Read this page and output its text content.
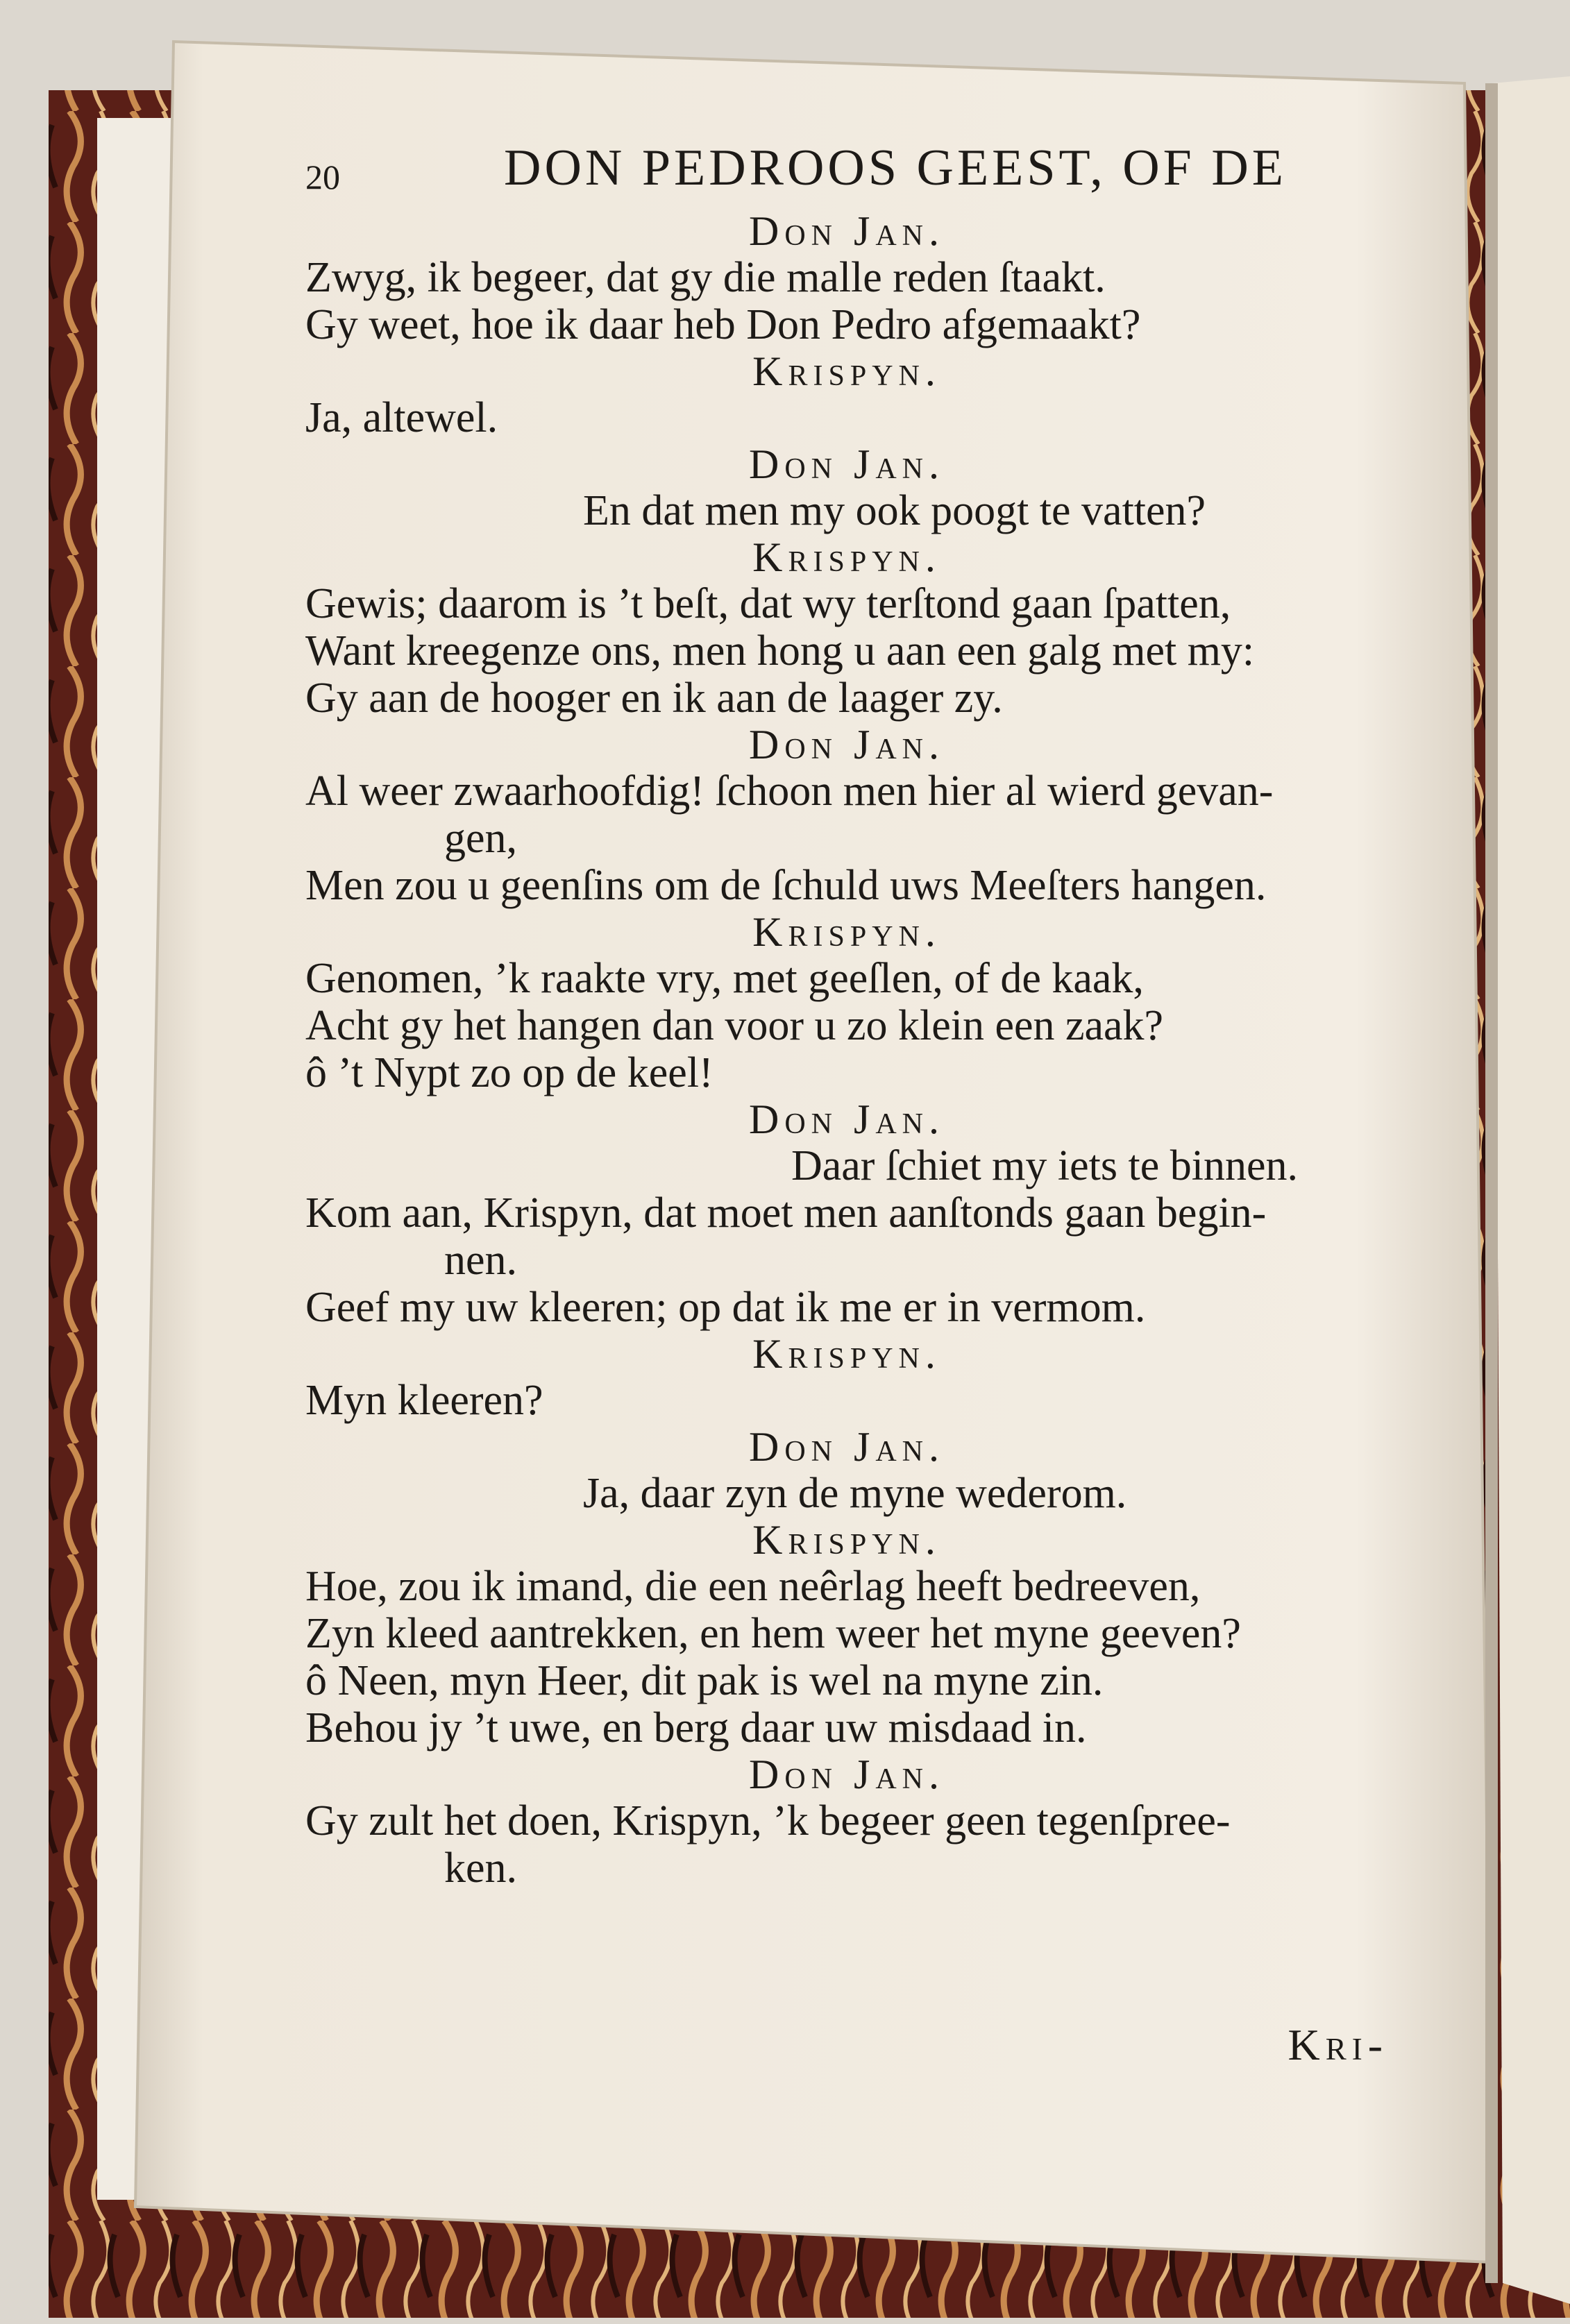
20	DON PEDROOS GEEST, OF DE
Don Jan.
Zwyg, ik begeer, dat gy die malle reden ſtaakt.
Gy weet, hoe ik daar heb Don Pedro afgemaakt?
Krispyn.
Ja, altewel.
Don Jan.
En dat men my ook poogt te vatten?
Krispyn.
Gewis; daarom is ’t beſt, dat wy terſtond gaan ſpatten,
Want kreegenze ons, men hong u aan een galg met my:
Gy aan de hooger en ik aan de laager zy.
Don Jan.
Al weer zwaarhoofdig! ſchoon men hier al wierd gevan-
gen,
Men zou u geenſins om de ſchuld uws Meeſters hangen.
Krispyn.
Genomen, ’k raakte vry, met geeſlen, of de kaak,
Acht gy het hangen dan voor u zo klein een zaak?
ô ’t Nypt zo op de keel!
Don Jan.
Daar ſchiet my iets te binnen.
Kom aan, Krispyn, dat moet men aanſtonds gaan begin-
nen.
Geef my uw kleeren; op dat ik me er in vermom.
Krispyn.
Myn kleeren?
Don Jan.
Ja, daar zyn de myne wederom.
Krispyn.
Hoe, zou ik imand, die een neêrlag heeft bedreeven,
Zyn kleed aantrekken, en hem weer het myne geeven?
ô Neen, myn Heer, dit pak is wel na myne zin.
Behou jy ’t uwe, en berg daar uw misdaad in.
Don Jan.
Gy zult het doen, Krispyn, ’k begeer geen tegenſpree-
ken.
Kri-
